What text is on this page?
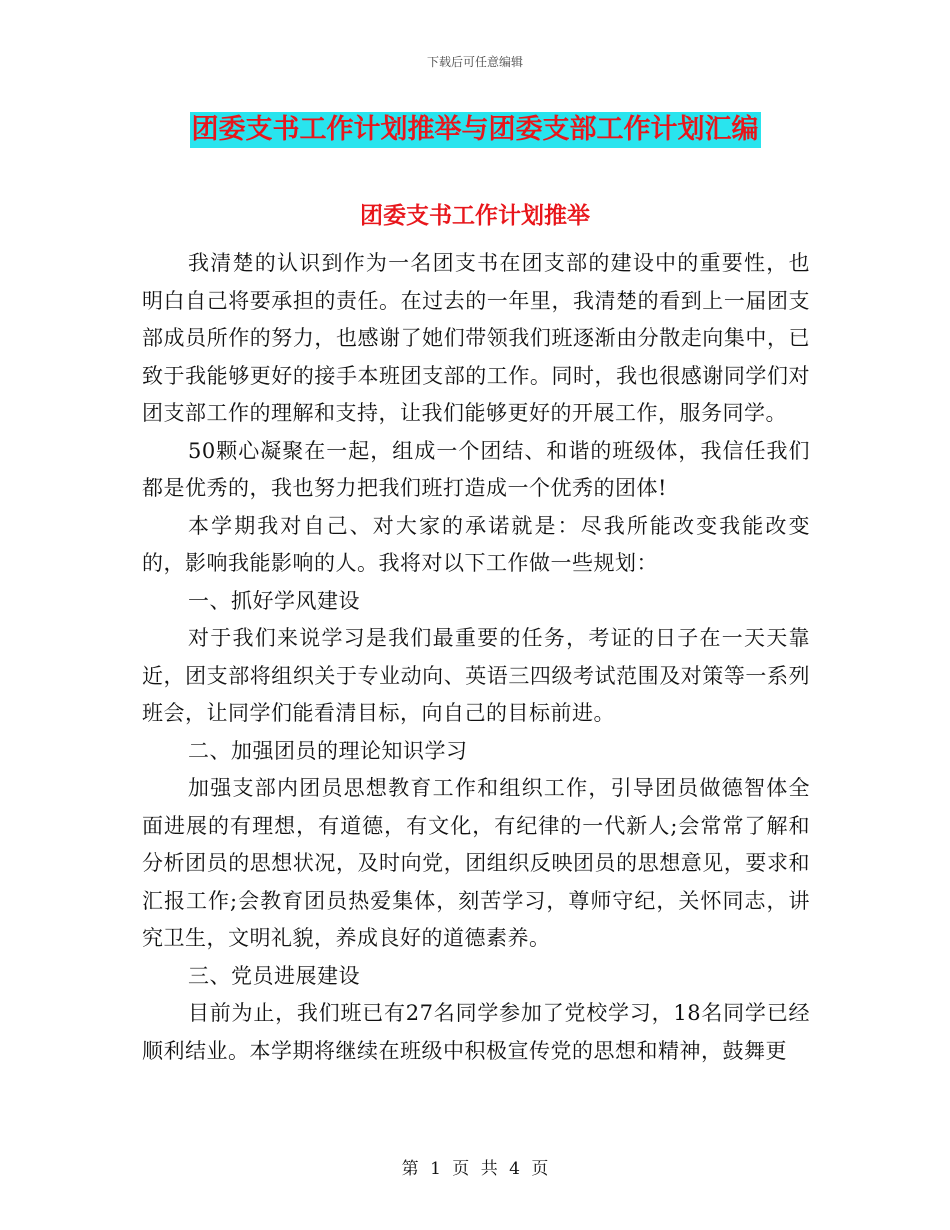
下载后可任意编辑
团委支书工作计划推举与团委支部工作计划汇编
团委支书工作计划推举

我清楚的认识到作为一名团支书在团支部的建设中的重要性，也明白自己将要承担的责任。在过去的一年里，我清楚的看到上一届团支部成员所作的努力，也感谢了她们带领我们班逐渐由分散走向集中，已致于我能够更好的接手本班团支部的工作。同时，我也很感谢同学们对团支部工作的理解和支持，让我们能够更好的开展工作，服务同学。

50颗心凝聚在一起，组成一个团结、和谐的班级体，我信任我们都是优秀的，我也努力把我们班打造成一个优秀的团体!

本学期我对自己、对大家的承诺就是：尽我所能改变我能改变的，影响我能影响的人。我将对以下工作做一些规划：

一、抓好学风建设

对于我们来说学习是我们最重要的任务，考证的日子在一天天靠近，团支部将组织关于专业动向、英语三四级考试范围及对策等一系列班会，让同学们能看清目标，向自己的目标前进。

二、加强团员的理论知识学习

加强支部内团员思想教育工作和组织工作，引导团员做德智体全面进展的有理想，有道德，有文化，有纪律的一代新人;会常常了解和分析团员的思想状况，及时向党，团组织反映团员的思想意见，要求和汇报工作;会教育团员热爱集体，刻苦学习，尊师守纪，关怀同志，讲究卫生，文明礼貌，养成良好的道德素养。

三、党员进展建设

目前为止，我们班已有27名同学参加了党校学习，18名同学已经顺利结业。本学期将继续在班级中积极宣传党的思想和精神，鼓舞更

第 1 页 共 4 页
